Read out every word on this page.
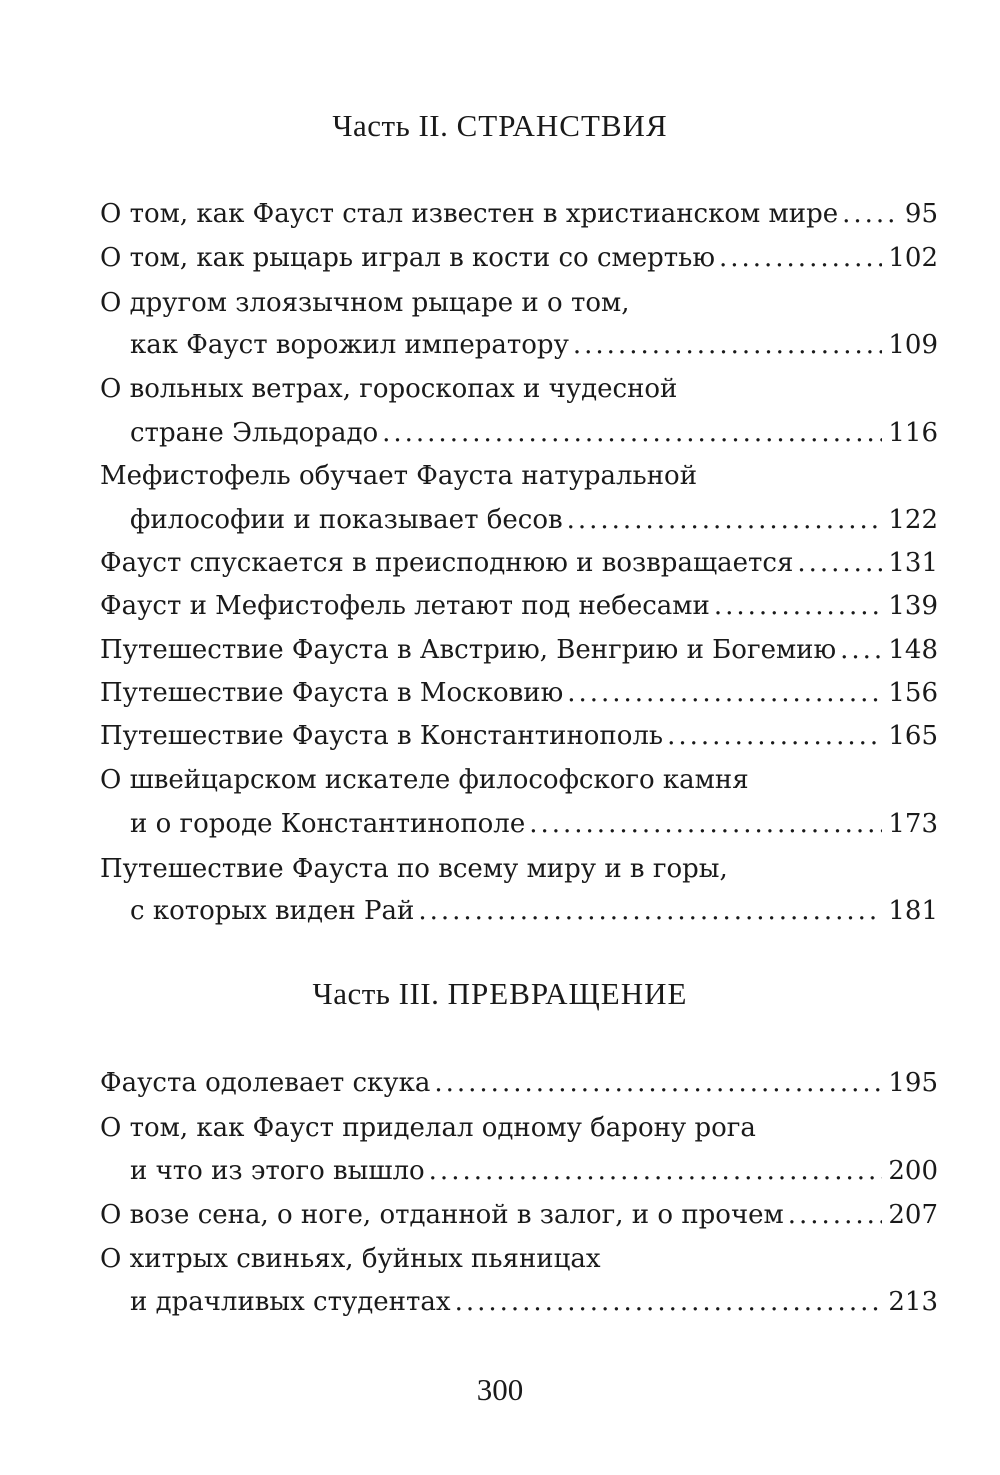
Часть II. СТРАНСТВИЯ
О том, как Фауст стал известен в христианском мире .....	95
О том, как рыцарь играл в кости со смертью .....	102
О другом злоязычном рыцаре и о том,
как Фауст ворожил императору .....	109
О вольных ветрах, гороскопах и чудесной
стране Эльдорадо .....	116
Мефистофель обучает Фауста натуральной
философии и показывает бесов .....	122
Фауст спускается в преисподнюю и возвращается .....	131
Фауст и Мефистофель летают под небесами .....	139
Путешествие Фауста в Австрию, Венгрию и Богемию ..... 148
Путешествие Фауста в Московию .....	156
Путешествие Фауста в Константинополь .....	165
О швейцарском искателе философского камня
и о городе Константинополе .....	173
Путешествие Фауста по всему миру и в горы,
с которых виден Рай .....	181
Часть III. ПРЕВРАЩЕНИЕ
Фауста одолевает скука .....	195
О том, как Фауст приделал одному барону рога
и что из этого вышло .....	200
О возе сена, о ноге, отданной в залог, и о прочем .....	207
О хитрых свиньях, буйных пьяницах
и драчливых студентах .....	213
300
